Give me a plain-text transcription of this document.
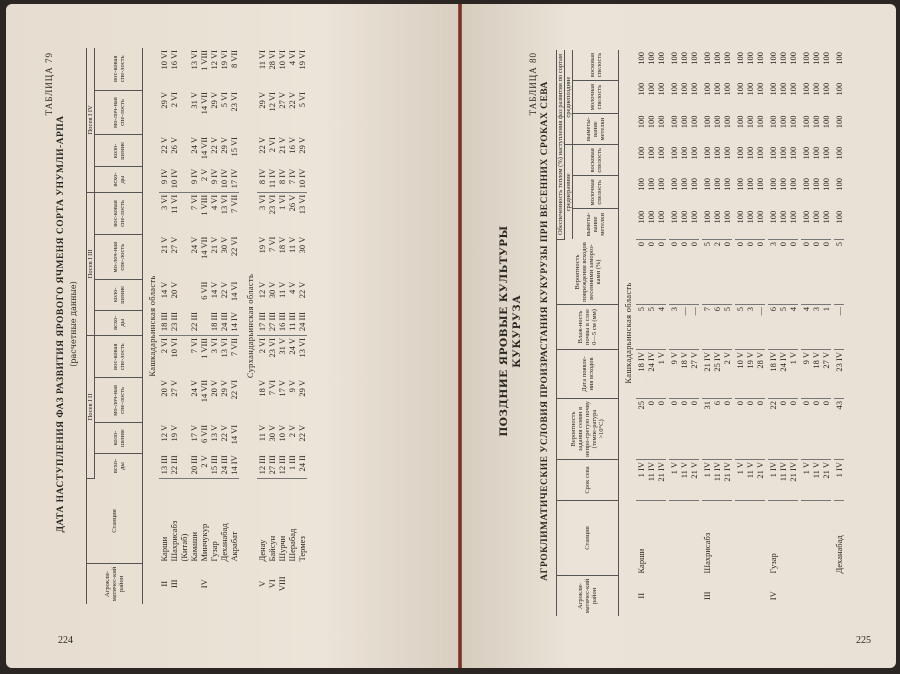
224
ТАБЛИЦА 79
ДАТА НАСТУПЛЕНИЯ ФАЗ РАЗВИТИЯ ЯРОВОГО ЯЧМЕНЯ СОРТА УНУМЛИ-АРПА (расчетные данные)
Агрокли-матичес-кий район	Станция	Посев I II				Посев I III				Посев I IV			
		всхо-ды	коло-шение	мо-лоч-ная спе-лость	вос-ковая спе-лость	всхо-ды	коло-шение	мо-лоч-ная спе-лость	вос-ковая спе-лость	всхо-ды	коло-шение	мо-лоч-ная спе-лость	вос-ковая спе-лость
Кашкадарьинская область													
II	Карши	13 III	12 V	20 V	2 VI	18 III	14 V	21 V	3 VI	9 IV	22 V	29 V	10 VI
III	Шахрисабз	22 III	19 V	27 V	10 VI	23 III	20 V	27 V	11 VI	10 IV	26 V	2 VI	16 VI
	(Китаб)												
	Камаши	20 III	17 V	24 V	7 VI	22 III		24 V	7 VI	9 IV	24 V	31 V	13 VI
IV	Минчукур	2 V	6 VII	14 VII	1 VIII		6 VII	14 VII	1 VIII	2 V	14 VII	14 VII	1 VIII
	Гузар	15 III	13 V	20 V	3 VI	18 III	14 V	21 V	4 VI	9 IV	22 V	29 V	12 VI
	Деханабад	24 III	22 V	29 V	13 VI	24 III	22 V	30 V	13 VI	10 IV	29 V	5 VI	19 VI
	Акрабат	14 IV	14 VI	22 VI	7 VII	14 IV	14 VI	22 VI	7 VII	17 IV	15 VI	23 VI	8 VII
Сурхандарьинская область													
V	Денау	12 III	11 V	18 V	2 VI	17 III	12 V	19 V	3 VI	8 IV	22 V	29 V	11 VI
VI	Байсун	27 III	30 V	7 VI	23 VI	27 III	30 V	7 VI	23 VI	11 IV	2 VI	12 VI	28 VI
VIII	Шурчи	12 III	10 V	17 V	31 V	16 III	11 V	18 V	1 VI	8 IV	21 V	27 V	10 VI
	Шерабад	1 III	2 V	9 V	24 V	11 III	4 V	11 V	26 V	7 IV	16 V	22 V	4 VI
	Термез	24 II	22 V	29 V	13 VI	24 III	22 V	30 V	13 VI	10 IV	29 V	5 VI	19 VI
225
ПОЗДНИЕ ЯРОВЫЕ КУЛЬТУРЫ КУКУРУЗА
ТАБЛИЦА 80 АГРОКЛИМАТИЧЕСКИЕ УСЛОВИЯ ПРОИЗРАСТАНИЯ КУКУРУЗЫ ПРИ ВЕСЕННИХ СРОКАХ СЕВА
Агрокли-матичес-кий район	Станция	Срок сева	Вероятность задания семян в непро-гретую почву (темпе-ратура >10°С)	Дата появле-ния всходов	Влаж-ность почвы в слое 0—5 см (мм)	Вероятность повреждения всходов весенними замороз-ками (%)	Обеспеченность теплом (%) наступления фаз развития по сортам					
							среднеранние			среднепоздние		
							выметы-вание метелки	молочная спелость	восковая спелость	выметы-вание метелки	молочная спелость	восковая спелость
Кашкадарьинская область												
II	Карши	1 IV	25	18 IV	5	0	100	100	100	100	100	100
		11 IV	0	24 IV	5	0	100	100	100	100	100	100
		21 IV	0	1 V	4	0	100	100	100	100	100	100

		1 V	0	9 V	3	0	100	100	100	100	100	100
		11 V	0	18 V	—	0	100	100	100	100	100	100
		21 V	0	27 V	—	0	100	100	100	100	100	100

III	Шахрисабз	1 IV	31	21 IV	7	5	100	100	100	100	100	100
		11 IV	6	25 IV	6	2	100	100	100	100	100	100
		21 IV	0	2 V	5	0	100	100	100	100	100	100

		1 V	0	10 V	5	0	100	100	100	100	100	100
		11 V	0	19 V	3	0	100	100	100	100	100	100
		21 V	0	28 V	—	0	100	100	100	100	100	100

IV	Гузар	1 IV	22	18 IV	6	3	100	100	100	100	100	100
		11 IV	0	24 IV	5	0	100	100	100	100	100	100
		21 IV	0	1 V	4	0	100	100	100	100	100	100

		1 V	0	9 V	4	0	100	100	100	100	100	100
		11 V	0	18 V	3	0	100	100	100	100	100	100
		21 V	0	27 V	1	0	100	100	100	100	100	100

	Деханабад	1 IV	43	23 IV	—	5	100	100	100	100	100	100
